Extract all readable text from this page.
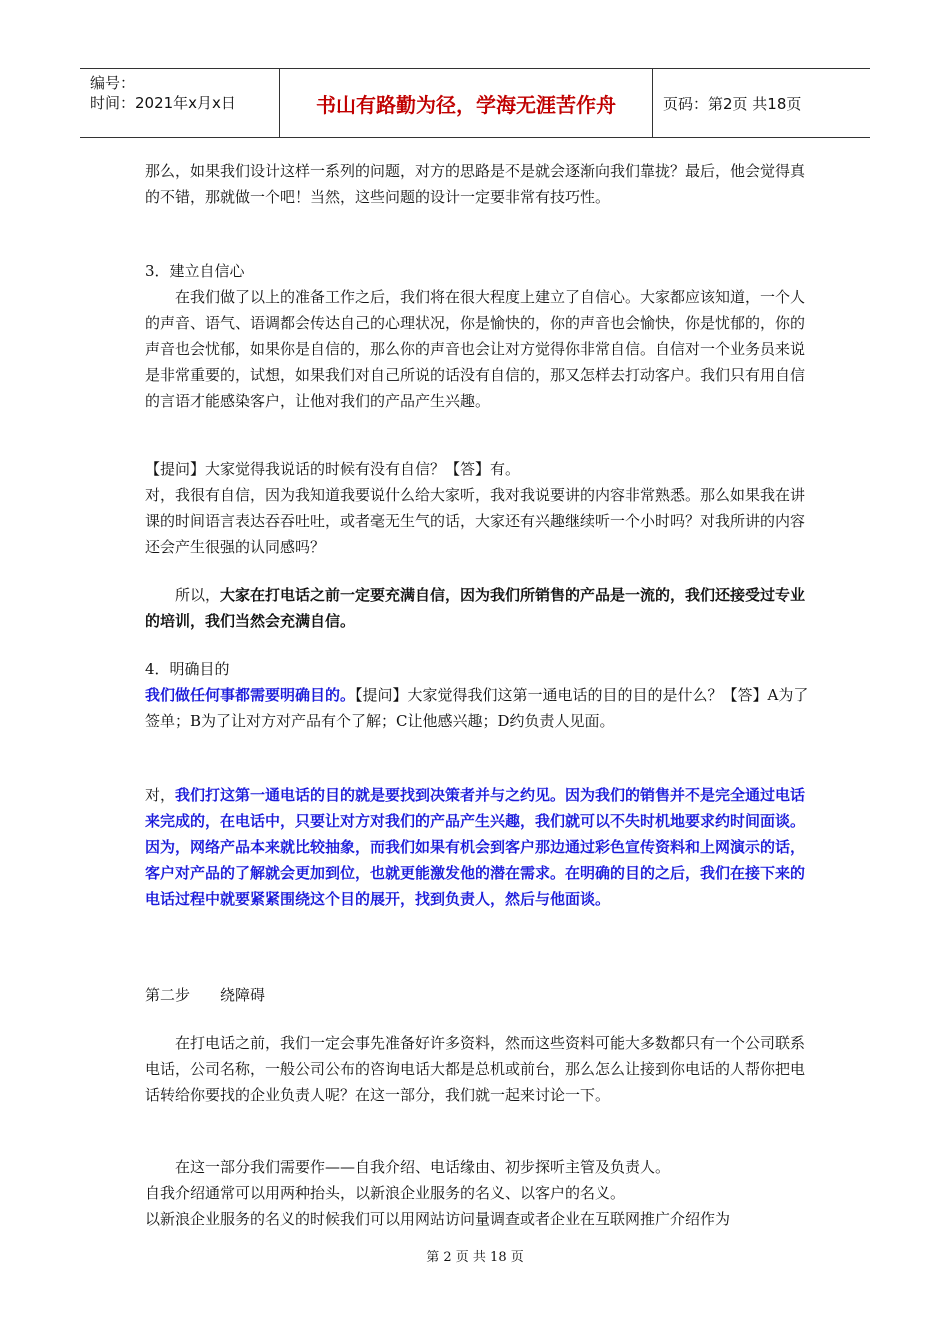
编号：
时间：2021年x月x日	书山有路勤为径，学海无涯苦作舟	页码：第2页 共18页

那么，如果我们设计这样一系列的问题，对方的思路是不是就会逐渐向我们靠拢？最后，他会觉得真的不错，那就做一个吧！当然，这些问题的设计一定要非常有技巧性。

3．建立自信心

在我们做了以上的准备工作之后，我们将在很大程度上建立了自信心。大家都应该知道，一个人的声音、语气、语调都会传达自己的心理状况，你是愉快的，你的声音也会愉快，你是忧郁的，你的声音也会忧郁，如果你是自信的，那么你的声音也会让对方觉得你非常自信。自信对一个业务员来说是非常重要的，试想，如果我们对自己所说的话没有自信的，那又怎样去打动客户。我们只有用自信的言语才能感染客户，让他对我们的产品产生兴趣。

【提问】大家觉得我说话的时候有没有自信？【答】有。

对，我很有自信，因为我知道我要说什么给大家听，我对我说要讲的内容非常熟悉。那么如果我在讲课的时间语言表达吞吞吐吐，或者毫无生气的话，大家还有兴趣继续听一个小时吗？对我所讲的内容还会产生很强的认同感吗？

所以，大家在打电话之前一定要充满自信，因为我们所销售的产品是一流的，我们还接受过专业的培训，我们当然会充满自信。

4．明确目的

我们做任何事都需要明确目的。【提问】大家觉得我们这第一通电话的目的目的是什么？【答】A为了签单；B为了让对方对产品有个了解；C让他感兴趣；D约负责人见面。

对，我们打这第一通电话的目的就是要找到决策者并与之约见。因为我们的销售并不是完全通过电话来完成的，在电话中，只要让对方对我们的产品产生兴趣，我们就可以不失时机地要求约时间面谈。因为，网络产品本来就比较抽象，而我们如果有机会到客户那边通过彩色宣传资料和上网演示的话，客户对产品的了解就会更加到位，也就更能激发他的潜在需求。在明确的目的之后，我们在接下来的电话过程中就要紧紧围绕这个目的展开，找到负责人，然后与他面谈。

第二步　　绕障碍

在打电话之前，我们一定会事先准备好许多资料，然而这些资料可能大多数都只有一个公司联系电话，公司名称，一般公司公布的咨询电话大都是总机或前台，那么怎么让接到你电话的人帮你把电话转给你要找的企业负责人呢？在这一部分，我们就一起来讨论一下。

在这一部分我们需要作——自我介绍、电话缘由、初步探听主管及负责人。

自我介绍通常可以用两种抬头，以新浪企业服务的名义、以客户的名义。

以新浪企业服务的名义的时候我们可以用网站访问量调查或者企业在互联网推广介绍作为

第 2 页 共 18 页
